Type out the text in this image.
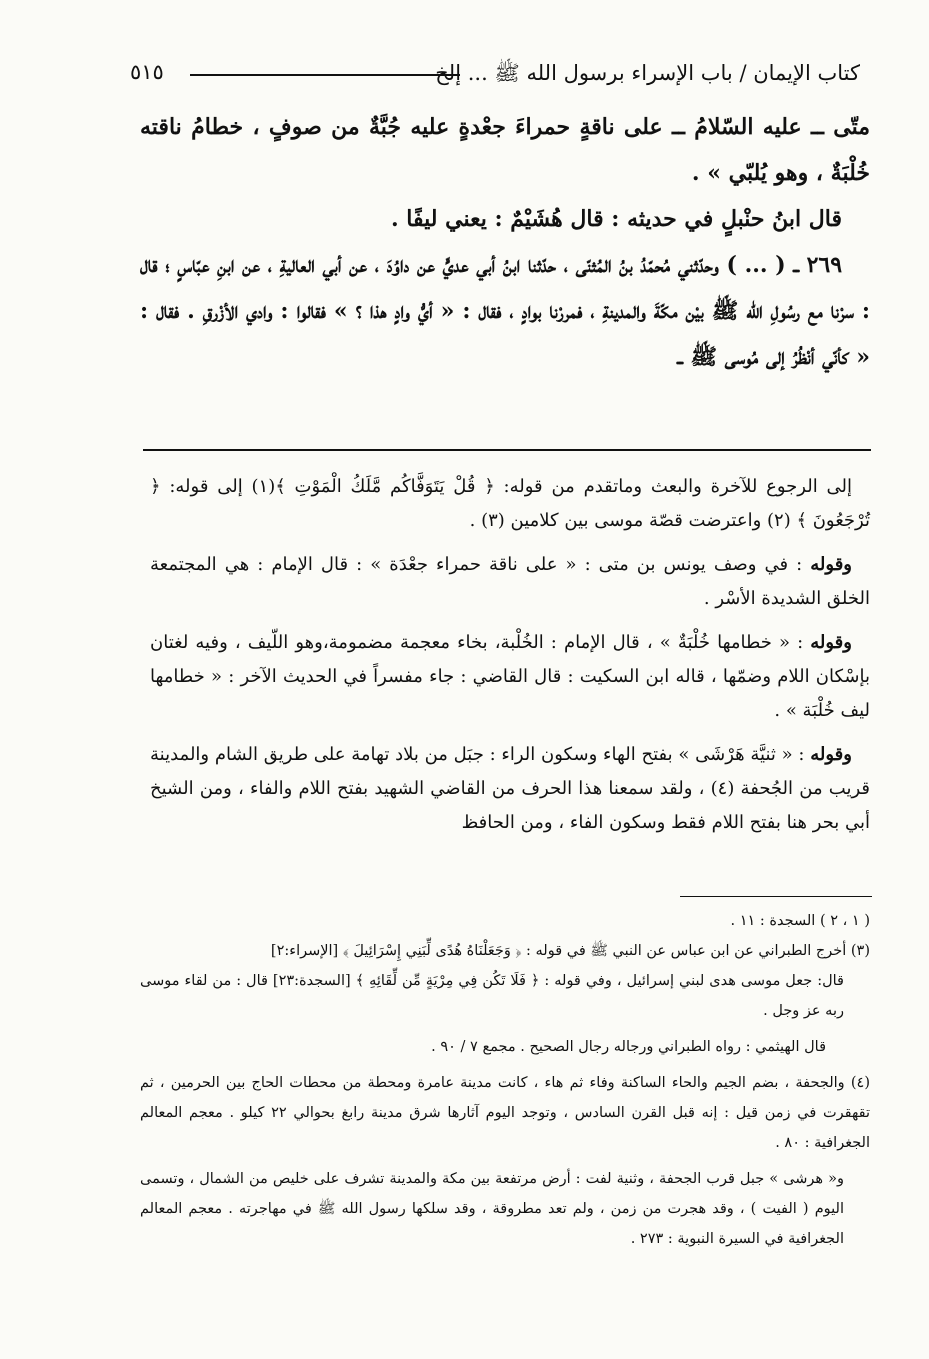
كتاب الإيمان / باب الإسراء برسول الله ﷺ ... إلخ
٥١٥

متّى ــ عليه السّلامُ ــ على ناقةٍ حمراءَ جعْدةٍ عليه جُبَّةٌ من صوفٍ ، خطامُ ناقته خُلْبَةٌ ، وهو يُلبّي » .

قال ابنُ حنْبلٍ في حديثه : قال هُشَيْمٌ : يعني ليفًا .

٢٦٩ ــ ( ... ) وحدّثني مُحمّدُ بنُ المُثنّى ، حدّثنا ابنُ أبي عديٍّ عن داوُدَ ، عن أبي العاليةِ ، عن ابنِ عبّاسٍ ؛ قال : سرْنا مع رسُولِ الله ﷺ بيْن مكّةَ والمدينةِ ، فمررْنا بوادٍ ، فقال : « أيُّ وادٍ هذا ؟ » فقالوا : وادي الأزْرقِ . فقال : « كأنّي أنْظُرُ إلى مُوسى ﷺ ــ

إلى الرجوع للآخرة والبعث وماتقدم من قوله: ﴿ قُلْ يَتَوَفَّاكُم مَّلَكُ الْمَوْتِ ﴾(١) إلى قوله: ﴿ تُرْجَعُونَ ﴾ (٢) واعترضت قصّة موسى بين كلامين (٣) .

وقوله : في وصف يونس بن متى : « على ناقة حمراء جعْدَة » : قال الإمام : هي المجتمعة الخلق الشديدة الأسْر .

وقوله : « خطامها خُلْبَةٌ » ، قال الإمام : الخُلْبة، بخاء معجمة مضمومة،وهو اللّيف ، وفيه لغتان بإسْكان اللام وضمّها ، قاله ابن السكيت : قال القاضي : جاء مفسراً في الحديث الآخر : « خطامها ليف خُلْبَة » .

وقوله : « ثنيَّة هَرْشَى » بفتح الهاء وسكون الراء : جبَل من بلاد تهامة على طريق الشام والمدينة قريب من الجُحفة (٤) ، ولقد سمعنا هذا الحرف من القاضي الشهيد بفتح اللام والفاء ، ومن الشيخ أبي بحر هنا بفتح اللام فقط وسكون الفاء ، ومن الحافظ

( ١ ، ٢ ) السجدة : ١١ .

(٣) أخرج الطبراني عن ابن عباس عن النبي ﷺ في قوله : ﴿ وَجَعَلْنَاهُ هُدًى لِّبَنِي إِسْرَائِيلَ ﴾ [الإسراء:٢]

قال: جعل موسى هدى لبني إسرائيل ، وفي قوله : ﴿ فَلَا تَكُن فِي مِرْيَةٍ مِّن لِّقَائِهِ ﴾ [السجدة:٢٣] قال : من لقاء موسى ربه عز وجل .

قال الهيثمي : رواه الطبراني ورجاله رجال الصحيح . مجمع ٧ / ٩٠ .

(٤) والجحفة ، بضم الجيم والحاء الساكنة وفاء ثم هاء ، كانت مدينة عامرة ومحطة من محطات الحاج بين الحرمين ، ثم تقهقرت في زمن قيل : إنه قبل القرن السادس ، وتوجد اليوم آثارها شرق مدينة رابغ بحوالي ٢٢ كيلو . معجم المعالم الجغرافية : ٨٠ .

و« هرشى » جبل قرب الجحفة ، وثنية لفت : أرض مرتفعة بين مكة والمدينة تشرف على خليص من الشمال ، وتسمى اليوم ( الفيت ) ، وقد هجرت من زمن ، ولم تعد مطروقة ، وقد سلكها رسول الله ﷺ في مهاجرته . معجم المعالم الجغرافية في السيرة النبوية : ٢٧٣ .
